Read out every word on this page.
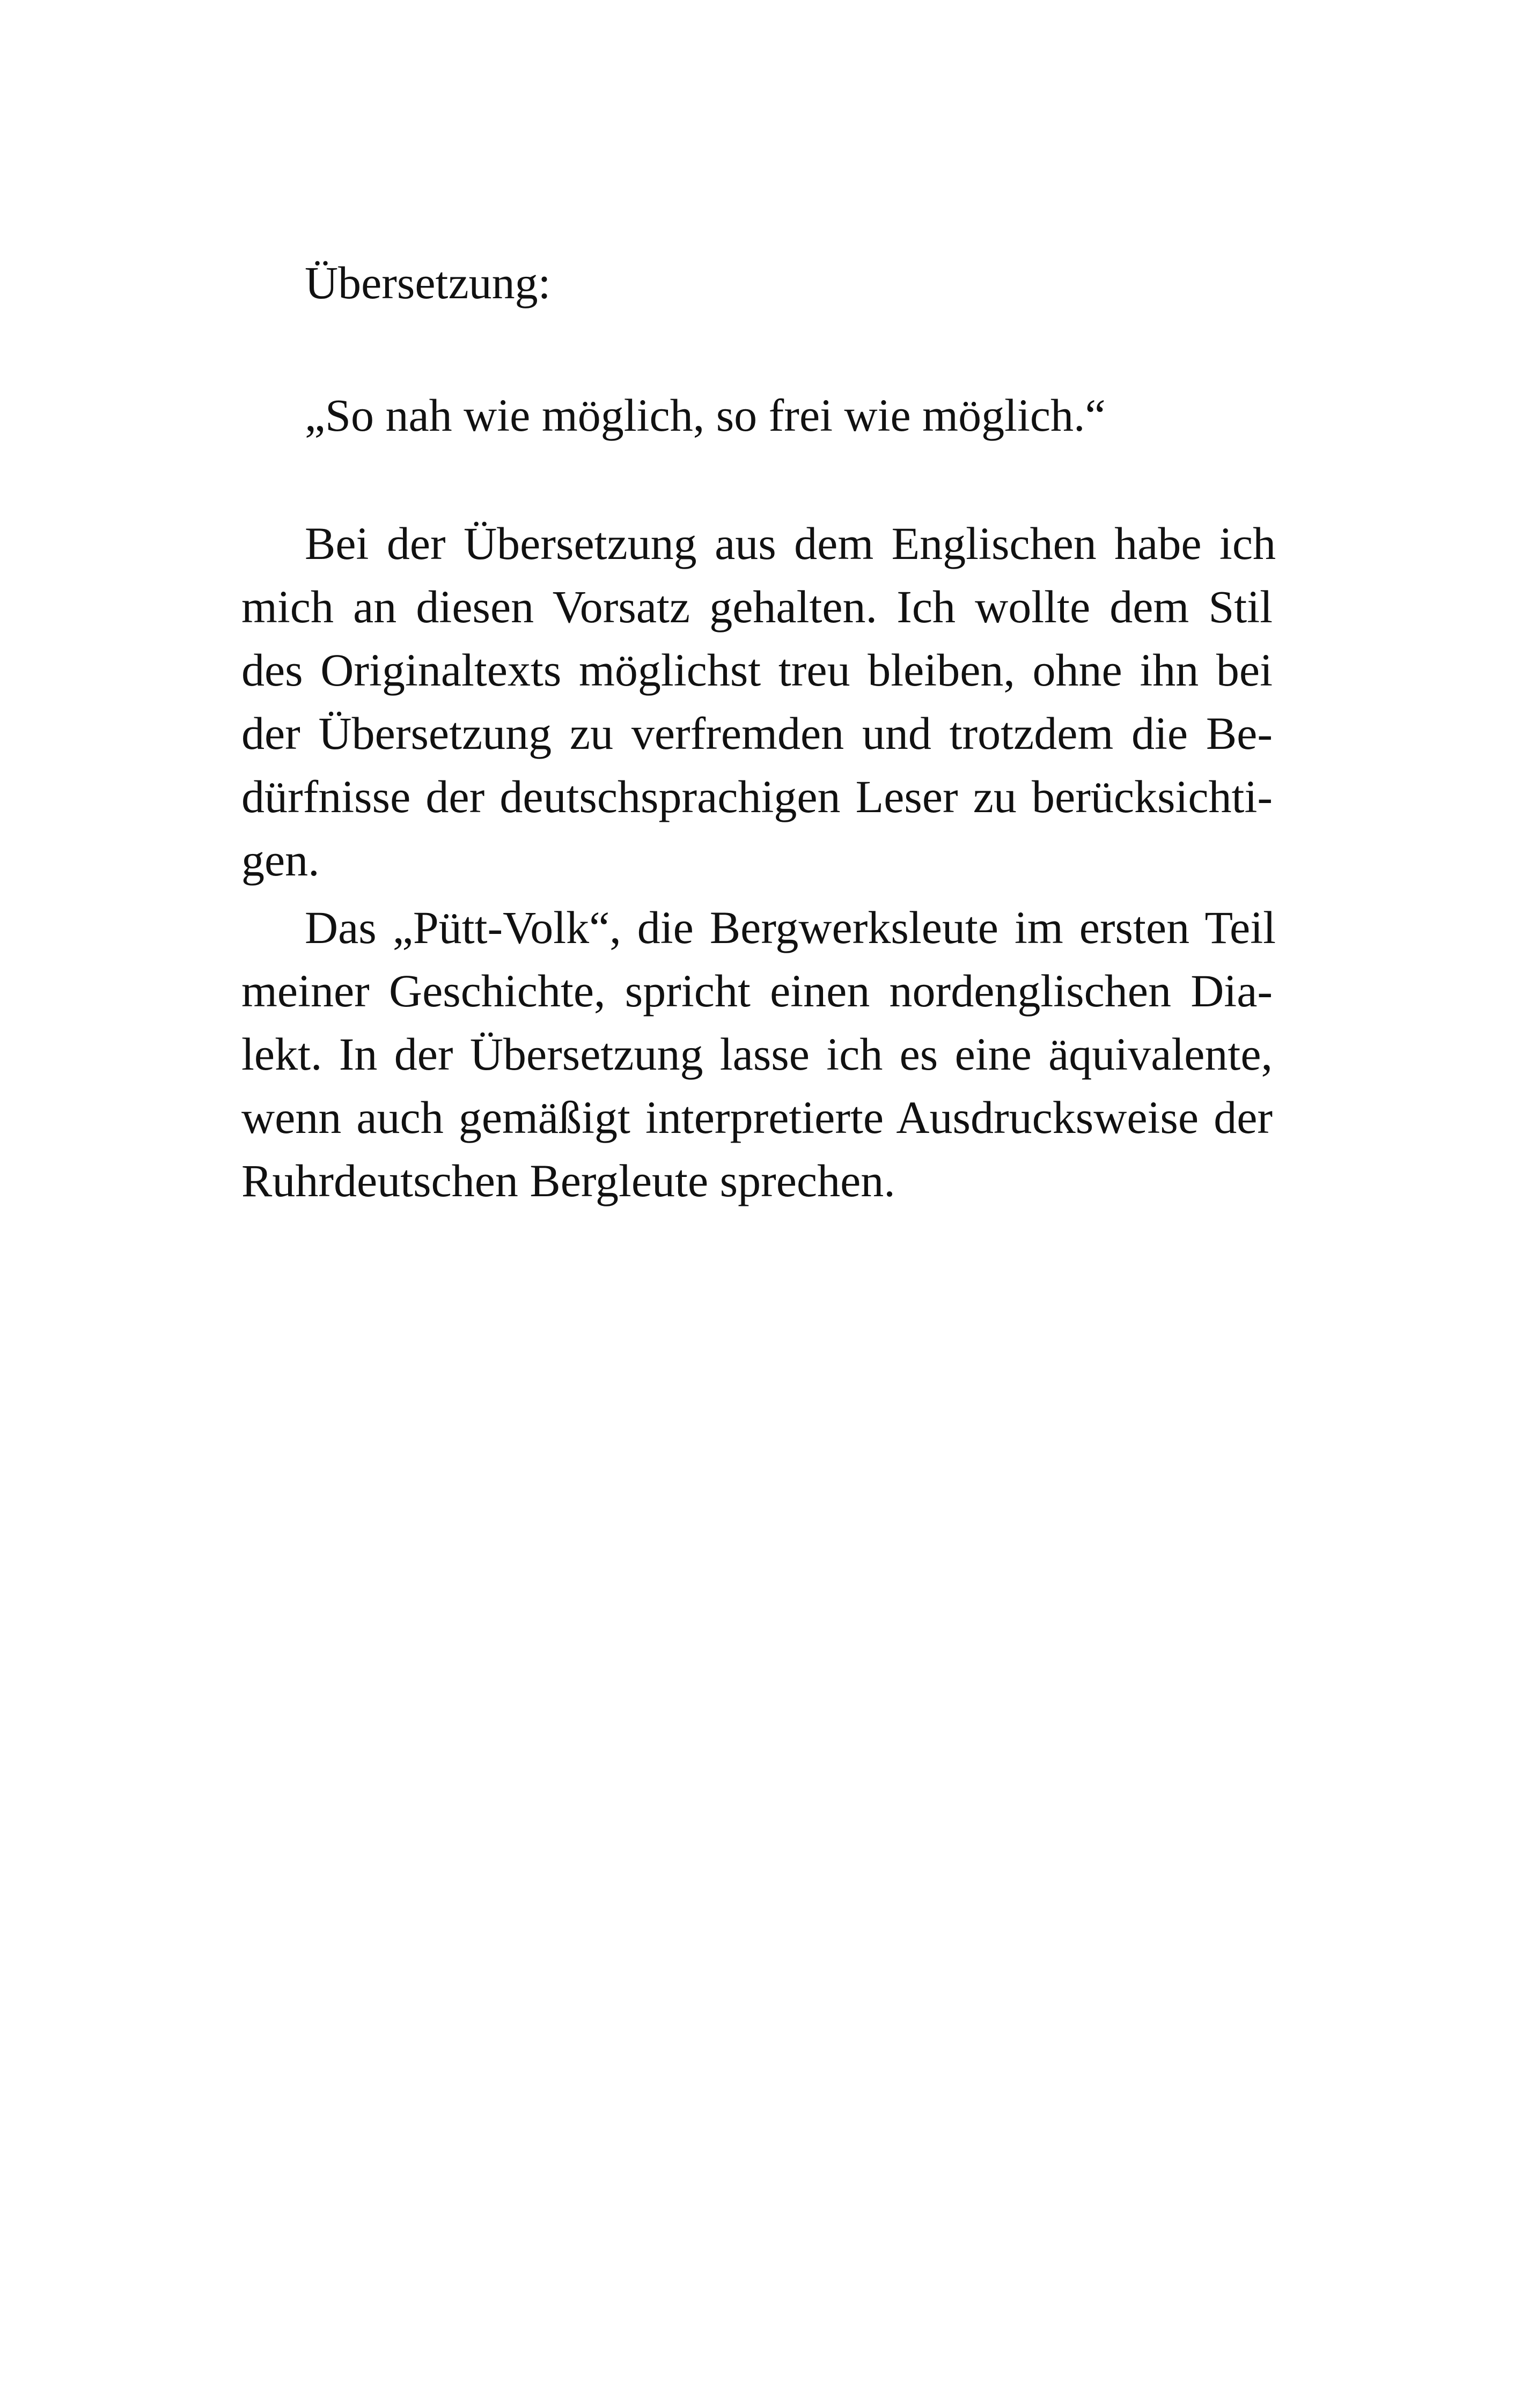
Übersetzung:

„So nah wie möglich, so frei wie möglich.“

Bei der Übersetzung aus dem Englischen habe ich

mich an diesen Vorsatz gehalten. Ich wollte dem Stil

des Originaltexts möglichst treu bleiben, ohne ihn bei

der Übersetzung zu verfremden und trotzdem die Be-

dürfnisse der deutschsprachigen Leser zu berücksichti-

gen.

Das „Pütt-Volk“, die Bergwerksleute im ersten Teil

meiner Geschichte, spricht einen nordenglischen Dia-

lekt. In der Übersetzung lasse ich es eine äquivalente,

wenn auch gemäßigt interpretierte Ausdrucksweise der

Ruhrdeutschen Bergleute sprechen.
